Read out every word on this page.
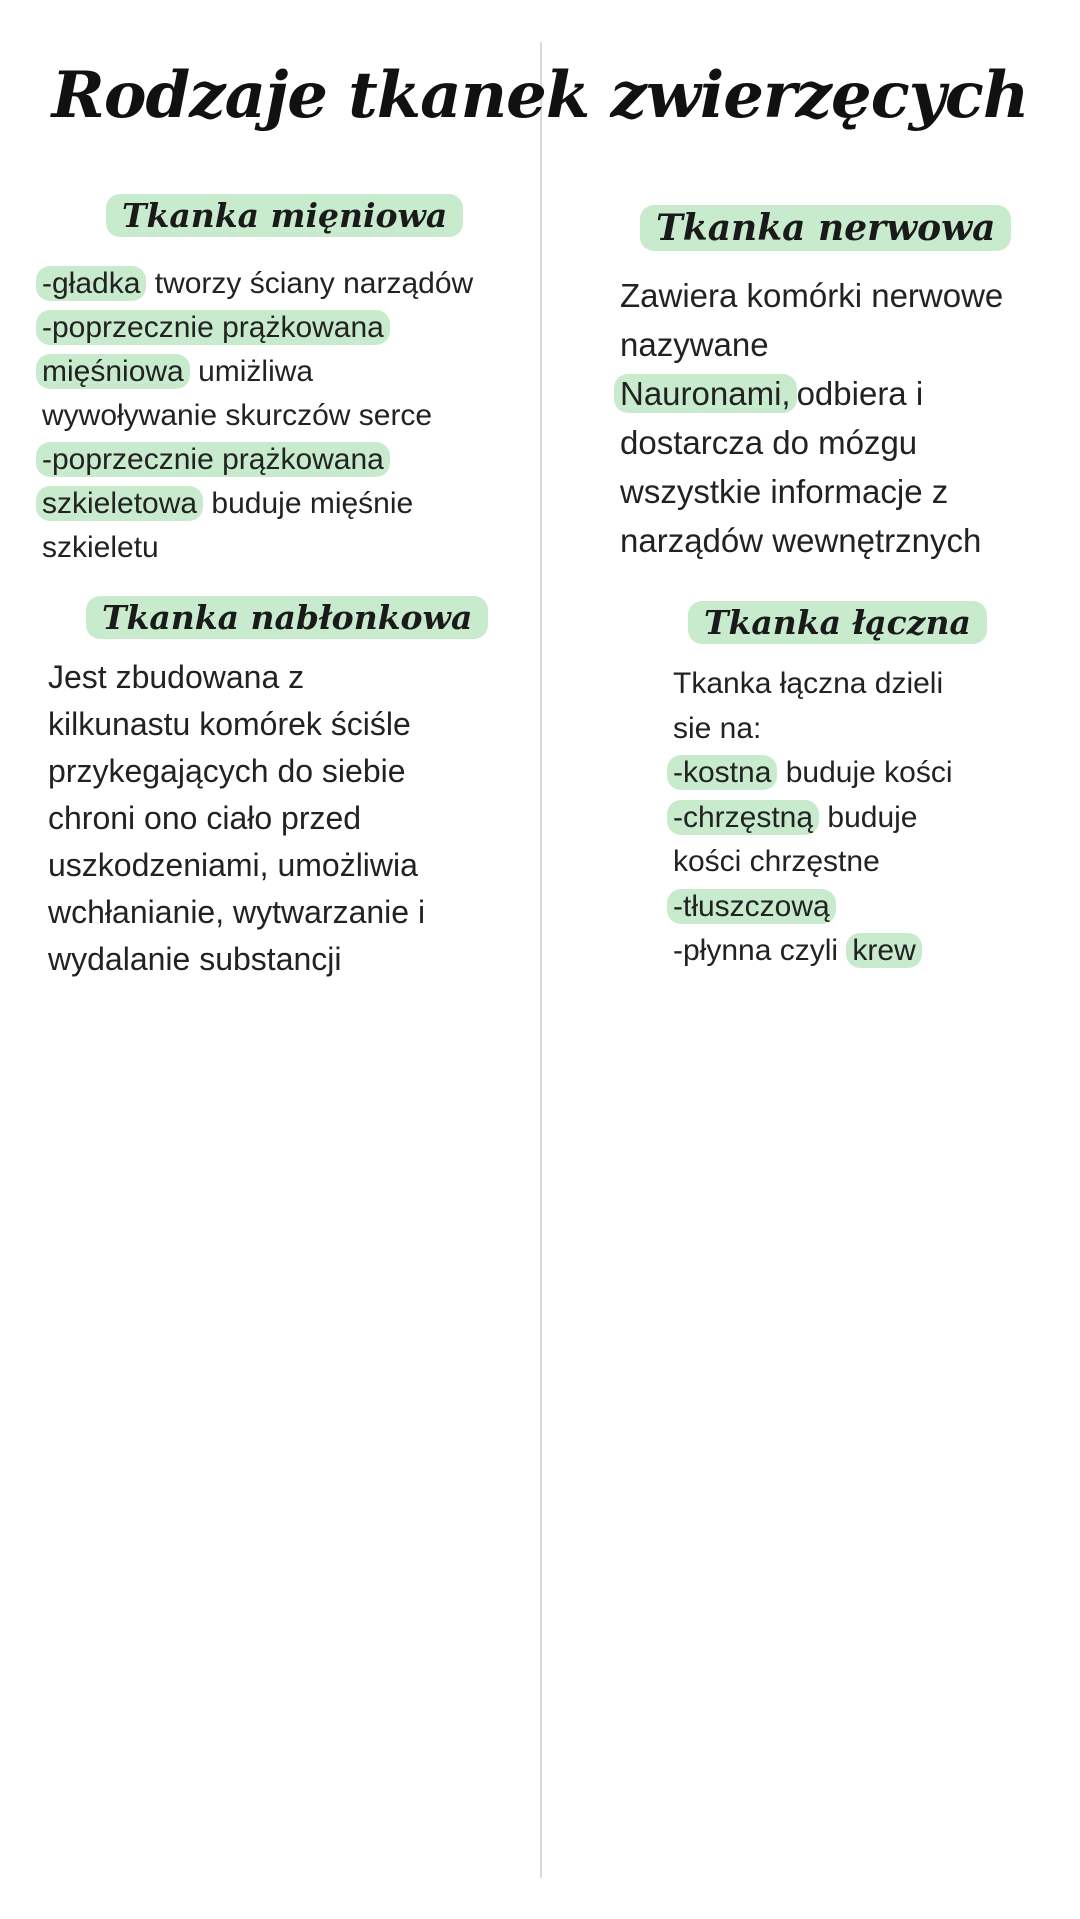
Rodzaje tkanek zwierzęcych
Tkanka mięniowa

-gładka tworzy ściany narządów

-poprzecznie prążkowana

mięśniowa umiżliwa

wywoływanie skurczów serce

-poprzecznie prążkowana

szkieletowa buduje mięśnie

szkieletu

Tkanka nerwowa

Zawiera komórki nerwowe

nazywane

Nauronami, odbiera i

dostarcza do mózgu

wszystkie informacje z

narządów wewnętrznych

Tkanka nabłonkowa

Jest zbudowana z

kilkunastu komórek ściśle

przykegających do siebie

chroni ono ciało przed

uszkodzeniami, umożliwia

wchłanianie, wytwarzanie i

wydalanie substancji

Tkanka łączna

Tkanka łączna dzieli

sie na:

-kostna buduje kości

-chrzęstną buduje

kości chrzęstne

-tłuszczową

-płynna czyli krew
